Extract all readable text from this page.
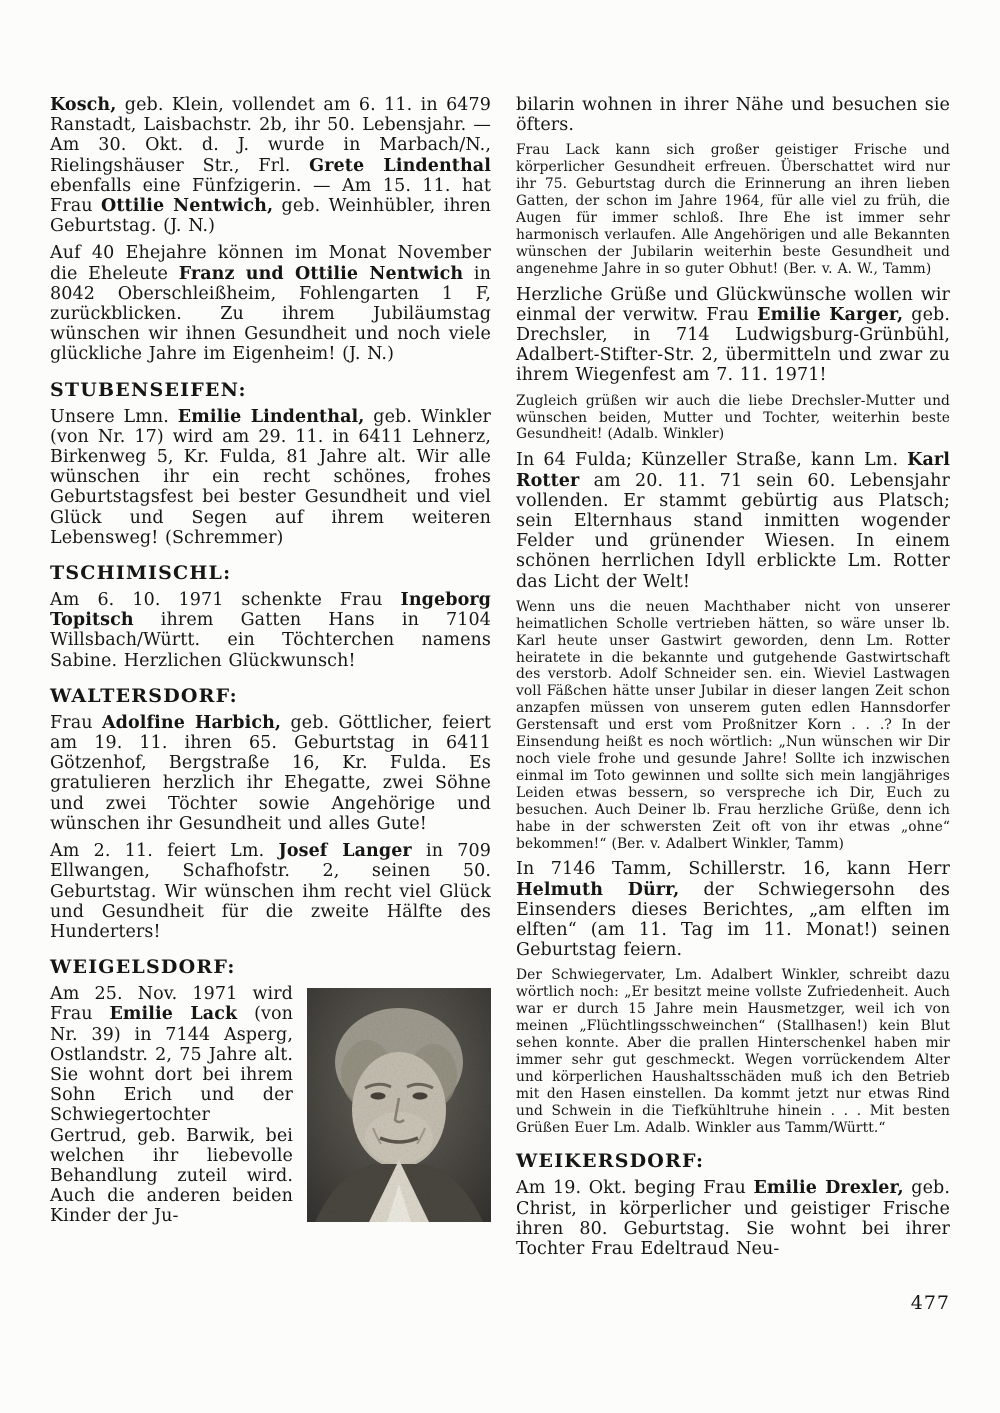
Kosch, geb. Klein, vollendet am 6. 11. in 6479 Ranstadt, Laisbachstr. 2b, ihr 50. Lebensjahr. — Am 30. Okt. d. J. wurde in Marbach/N., Rielingshäuser Str., Frl. Grete Lindenthal ebenfalls eine Fünfzigerin. — Am 15. 11. hat Frau Ottilie Nentwich, geb. Weinhübler, ihren Geburtstag. (J. N.)

Auf 40 Ehejahre können im Monat November die Eheleute Franz und Ottilie Nentwich in 8042 Oberschleißheim, Fohlengarten 1 F, zurückblicken. Zu ihrem Jubiläumstag wünschen wir ihnen Gesundheit und noch viele glückliche Jahre im Eigenheim! (J. N.)

STUBENSEIFEN:

Unsere Lmn. Emilie Lindenthal, geb. Winkler (von Nr. 17) wird am 29. 11. in 6411 Lehnerz, Birkenweg 5, Kr. Fulda, 81 Jahre alt. Wir alle wünschen ihr ein recht schönes, frohes Geburtstagsfest bei bester Gesundheit und viel Glück und Segen auf ihrem weiteren Lebensweg! (Schremmer)

TSCHIMISCHL:

Am 6. 10. 1971 schenkte Frau Ingeborg Topitsch ihrem Gatten Hans in 7104 Willsbach/Württ. ein Töchterchen namens Sabine. Herzlichen Glückwunsch!

WALTERSDORF:

Frau Adolfine Harbich, geb. Göttlicher, feiert am 19. 11. ihren 65. Geburtstag in 6411 Götzenhof, Bergstraße 16, Kr. Fulda. Es gratulieren herzlich ihr Ehegatte, zwei Söhne und zwei Töchter sowie Angehörige und wünschen ihr Gesundheit und alles Gute!

Am 2. 11. feiert Lm. Josef Langer in 709 Ellwangen, Schafhofstr. 2, seinen 50. Geburtstag. Wir wünschen ihm recht viel Glück und Gesundheit für die zweite Hälfte des Hunderters!

WEIGELSDORF:

Am 25. Nov. 1971 wird Frau Emilie Lack (von Nr. 39) in 7144 Asperg, Ostlandstr. 2, 75 Jahre alt. Sie wohnt dort bei ihrem Sohn Erich und der Schwiegertochter Gertrud, geb. Barwik, bei welchen ihr liebevolle Behandlung zuteil wird. Auch die anderen beiden Kinder der Ju-

bilarin wohnen in ihrer Nähe und besuchen sie öfters.

Frau Lack kann sich großer geistiger Frische und körperlicher Gesundheit erfreuen. Überschattet wird nur ihr 75. Geburtstag durch die Erinnerung an ihren lieben Gatten, der schon im Jahre 1964, für alle viel zu früh, die Augen für immer schloß. Ihre Ehe ist immer sehr harmonisch verlaufen. Alle Angehörigen und alle Bekannten wünschen der Jubilarin weiterhin beste Gesundheit und angenehme Jahre in so guter Obhut! (Ber. v. A. W., Tamm)

Herzliche Grüße und Glückwünsche wollen wir einmal der verwitw. Frau Emilie Karger, geb. Drechsler, in 714 Ludwigsburg-Grünbühl, Adalbert-Stifter-Str. 2, übermitteln und zwar zu ihrem Wiegenfest am 7. 11. 1971!

Zugleich grüßen wir auch die liebe Drechsler-Mutter und wünschen beiden, Mutter und Tochter, weiterhin beste Gesundheit! (Adalb. Winkler)

In 64 Fulda; Künzeller Straße, kann Lm. Karl Rotter am 20. 11. 71 sein 60. Lebensjahr vollenden. Er stammt gebürtig aus Platsch; sein Elternhaus stand inmitten wogender Felder und grünender Wiesen. In einem schönen herrlichen Idyll erblickte Lm. Rotter das Licht der Welt!

Wenn uns die neuen Machthaber nicht von unserer heimatlichen Scholle vertrieben hätten, so wäre unser lb. Karl heute unser Gastwirt geworden, denn Lm. Rotter heiratete in die bekannte und gutgehende Gastwirtschaft des verstorb. Adolf Schneider sen. ein. Wieviel Lastwagen voll Fäßchen hätte unser Jubilar in dieser langen Zeit schon anzapfen müssen von unserem guten edlen Hannsdorfer Gerstensaft und erst vom Proßnitzer Korn . . .? In der Einsendung heißt es noch wörtlich: „Nun wünschen wir Dir noch viele frohe und gesunde Jahre! Sollte ich inzwischen einmal im Toto gewinnen und sollte sich mein langjähriges Leiden etwas bessern, so verspreche ich Dir, Euch zu besuchen. Auch Deiner lb. Frau herzliche Grüße, denn ich habe in der schwersten Zeit oft von ihr etwas „ohne“ bekommen!“ (Ber. v. Adalbert Winkler, Tamm)

In 7146 Tamm, Schillerstr. 16, kann Herr Helmuth Dürr, der Schwiegersohn des Einsenders dieses Berichtes, „am elften im elften“ (am 11. Tag im 11. Monat!) seinen Geburtstag feiern.

Der Schwiegervater, Lm. Adalbert Winkler, schreibt dazu wörtlich noch: „Er besitzt meine vollste Zufriedenheit. Auch war er durch 15 Jahre mein Hausmetzger, weil ich von meinen „Flüchtlingsschweinchen“ (Stallhasen!) kein Blut sehen konnte. Aber die prallen Hinterschenkel haben mir immer sehr gut geschmeckt. Wegen vorrückendem Alter und körperlichen Haushaltsschäden muß ich den Betrieb mit den Hasen einstellen. Da kommt jetzt nur etwas Rind und Schwein in die Tiefkühltruhe hinein . . . Mit besten Grüßen Euer Lm. Adalb. Winkler aus Tamm/Württ.“

WEIKERSDORF:

Am 19. Okt. beging Frau Emilie Drexler, geb. Christ, in körperlicher und geistiger Frische ihren 80. Geburtstag. Sie wohnt bei ihrer Tochter Frau Edeltraud Neu-

477
